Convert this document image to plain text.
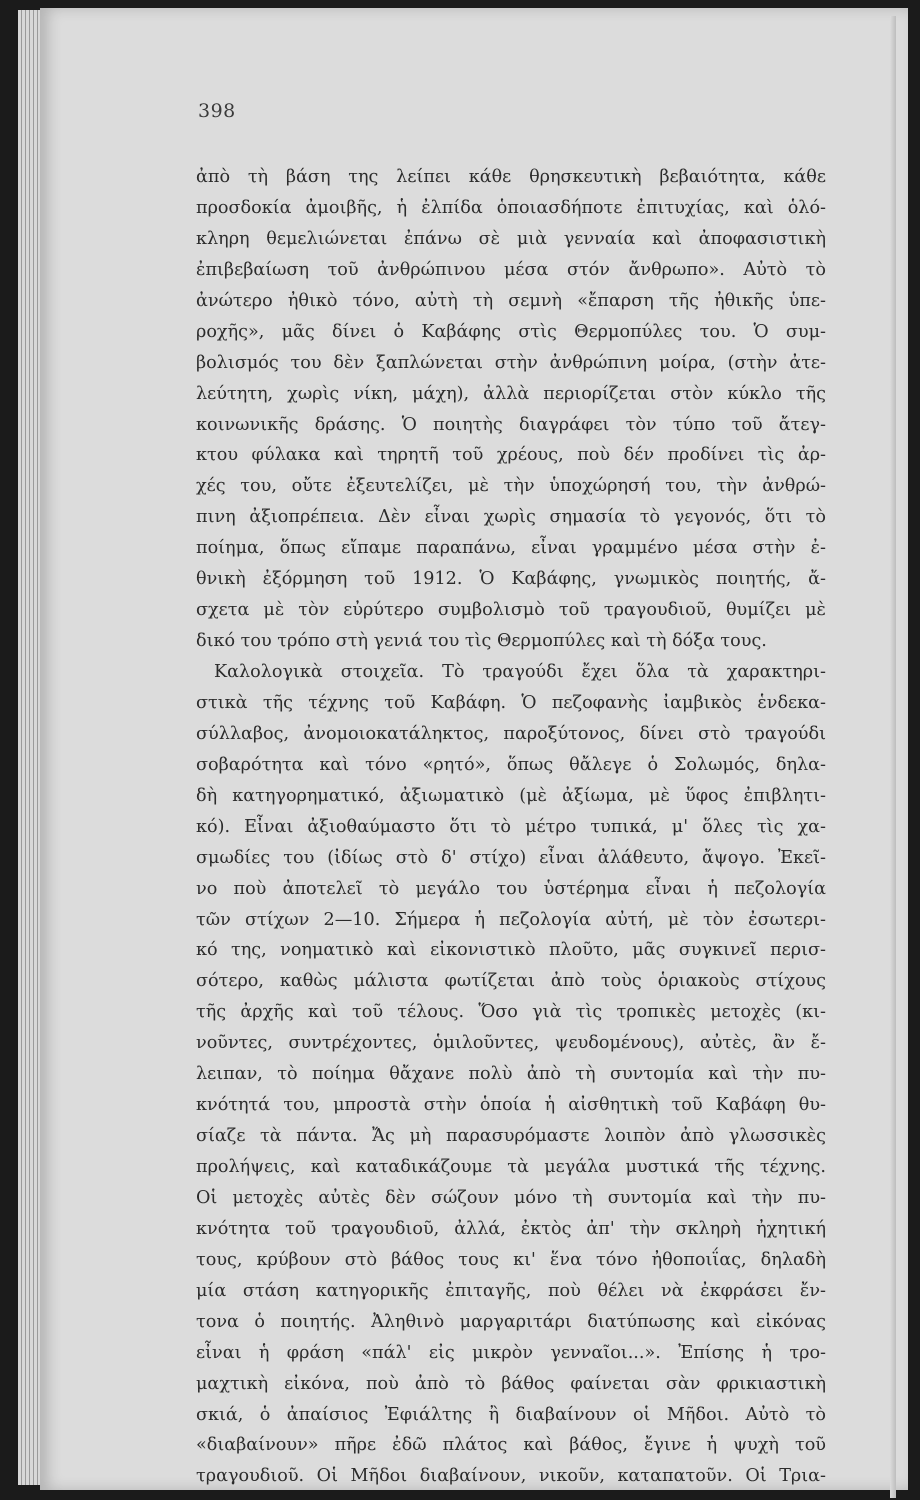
398
ἀπὸ τὴ βάση της λείπει κάθε θρησκευτικὴ βεβαιότητα, κάθε
προσδοκία ἀμοιβῆς, ἡ ἐλπίδα ὁποιασδήποτε ἐπιτυχίας, καὶ ὁλό-
κληρη θεμελιώνεται ἐπάνω σὲ μιὰ γενναία καὶ ἀποφασιστικὴ
ἐπιβεβαίωση τοῦ ἀνθρώπινου μέσα στόν ἄνθρωπο». Αὐτὸ τὸ
ἀνώτερο ἠθικὸ τόνο, αὐτὴ τὴ σεμνὴ «ἔπαρση τῆς ἠθικῆς ὑπε-
ροχῆς», μᾶς δίνει ὁ Καβάφης στὶς Θερμοπύλες του. Ὁ συμ-
βολισμός του δὲν ξαπλώνεται στὴν ἀνθρώπινη μοίρα, (στὴν ἀτε-
λεύτητη, χωρὶς νίκη, μάχη), ἀλλὰ περιορίζεται στὸν κύκλο τῆς
κοινωνικῆς δράσης. Ὁ ποιητὴς διαγράφει τὸν τύπο τοῦ ἄτεγ-
κτου φύλακα καὶ τηρητῆ τοῦ χρέους, ποὺ δέν προδίνει τὶς ἀρ-
χές του, οὔτε ἐξευτελίζει, μὲ τὴν ὑποχώρησή του, τὴν ἀνθρώ-
πινη ἀξιοπρέπεια. Δὲν εἶναι χωρὶς σημασία τὸ γεγονός, ὅτι τὸ
ποίημα, ὅπως εἴπαμε παραπάνω, εἶναι γραμμένο μέσα στὴν ἐ-
θνικὴ ἐξόρμηση τοῦ 1912. Ὁ Καβάφης, γνωμικὸς ποιητής, ἄ-
σχετα μὲ τὸν εὐρύτερο συμβολισμὸ τοῦ τραγουδιοῦ, θυμίζει μὲ
δικό του τρόπο στὴ γενιά του τὶς Θερμοπύλες καὶ τὴ δόξα τους.
Καλολογικὰ στοιχεῖα. Τὸ τραγούδι ἔχει ὅλα τὰ χαρακτηρι-
στικὰ τῆς τέχνης τοῦ Καβάφη. Ὁ πεζοφανὴς ἰαμβικὸς ἑνδεκα-
σύλλαβος, ἀνομοιοκατάληκτος, παροξύτονος, δίνει στὸ τραγούδι
σοβαρότητα καὶ τόνο «ρητό», ὅπως θἄλεγε ὁ Σολωμός, δηλα-
δὴ κατηγορηματικό, ἀξιωματικὸ (μὲ ἀξίωμα, μὲ ὕφος ἐπιβλητι-
κό). Εἶναι ἀξιοθαύμαστο ὅτι τὸ μέτρο τυπικά, μ' ὅλες τὶς χα-
σμωδίες του (ἰδίως στὸ δ' στίχο) εἶναι ἀλάθευτο, ἄψογο. Ἐκεῖ-
νο ποὺ ἀποτελεῖ τὸ μεγάλο του ὑστέρημα εἶναι ἡ πεζολογία
τῶν στίχων 2—10. Σήμερα ἡ πεζολογία αὐτή, μὲ τὸν ἐσωτερι-
κό της, νοηματικὸ καὶ εἰκονιστικὸ πλοῦτο, μᾶς συγκινεῖ περισ-
σότερο, καθὼς μάλιστα φωτίζεται ἀπὸ τοὺς ὁριακοὺς στίχους
τῆς ἀρχῆς καὶ τοῦ τέλους. Ὅσο γιὰ τὶς τροπικὲς μετοχὲς (κι-
νοῦντες, συντρέχοντες, ὁμιλοῦντες, ψευδομένους), αὐτὲς, ἂν ἔ-
λειπαν, τὸ ποίημα θἄχανε πολὺ ἀπὸ τὴ συντομία καὶ τὴν πυ-
κνότητά του, μπροστὰ στὴν ὁποία ἡ αἰσθητικὴ τοῦ Καβάφη θυ-
σίαζε τὰ πάντα. Ἄς μὴ παρασυρόμαστε λοιπὸν ἀπὸ γλωσσικὲς
προλήψεις, καὶ καταδικάζουμε τὰ μεγάλα μυστικά τῆς τέχνης.
Οἱ μετοχὲς αὐτὲς δὲν σώζουν μόνο τὴ συντομία καὶ τὴν πυ-
κνότητα τοῦ τραγουδιοῦ, ἀλλά, ἐκτὸς ἀπ' τὴν σκληρὴ ἠχητική
τους, κρύβουν στὸ βάθος τους κι' ἕνα τόνο ἠθοποιΐας, δηλαδὴ
μία στάση κατηγορικῆς ἐπιταγῆς, ποὺ θέλει νὰ ἐκφράσει ἔν-
τονα ὁ ποιητής. Ἀληθινὸ μαργαριτάρι διατύπωσης καὶ εἰκόνας
εἶναι ἡ φράση «πάλ' εἰς μικρὸν γενναῖοι...». Ἐπίσης ἡ τρο-
μαχτικὴ εἰκόνα, ποὺ ἀπὸ τὸ βάθος φαίνεται σὰν φρικιαστικὴ
σκιά, ὁ ἀπαίσιος Ἐφιάλτης ἢ διαβαίνουν οἱ Μῆδοι. Αὐτὸ τὸ
«διαβαίνουν» πῆρε ἐδῶ πλάτος καὶ βάθος, ἔγινε ἡ ψυχὴ τοῦ
τραγουδιοῦ. Οἱ Μῆδοι διαβαίνουν, νικοῦν, καταπατοῦν. Οἱ Τρια-
